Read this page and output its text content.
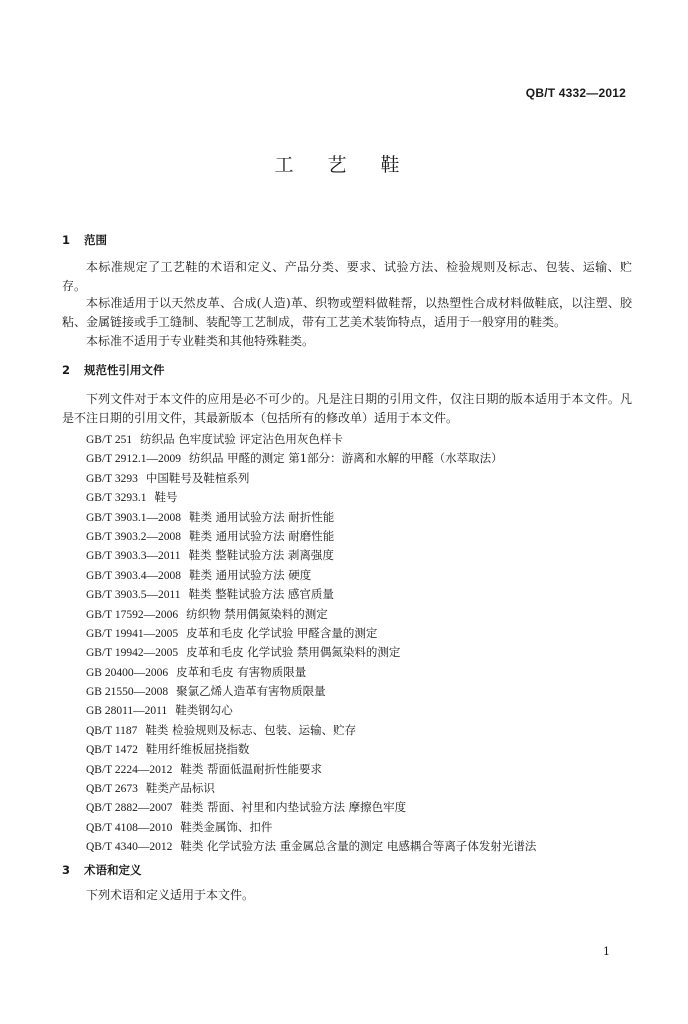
QB/T 4332—2012
工 艺 鞋
1 范围
本标准规定了工艺鞋的术语和定义、产品分类、要求、试验方法、检验规则及标志、包装、运输、贮存。
本标准适用于以天然皮革、合成(人造)革、织物或塑料做鞋帮，以热塑性合成材料做鞋底，以注塑、胶粘、金属链接或手工缝制、装配等工艺制成，带有工艺美术装饰特点，适用于一般穿用的鞋类。
本标准不适用于专业鞋类和其他特殊鞋类。
2 规范性引用文件
下列文件对于本文件的应用是必不可少的。凡是注日期的引用文件，仅注日期的版本适用于本文件。凡是不注日期的引用文件，其最新版本（包括所有的修改单）适用于本文件。
GB/T 251 纺织品 色牢度试验 评定沾色用灰色样卡
GB/T 2912.1—2009 纺织品 甲醛的测定 第1部分：游离和水解的甲醛（水萃取法）
GB/T 3293 中国鞋号及鞋楦系列
GB/T 3293.1 鞋号
GB/T 3903.1—2008 鞋类 通用试验方法 耐折性能
GB/T 3903.2—2008 鞋类 通用试验方法 耐磨性能
GB/T 3903.3—2011 鞋类 整鞋试验方法 剥离强度
GB/T 3903.4—2008 鞋类 通用试验方法 硬度
GB/T 3903.5—2011 鞋类 整鞋试验方法 感官质量
GB/T 17592—2006 纺织物 禁用偶氮染料的测定
GB/T 19941—2005 皮革和毛皮 化学试验 甲醛含量的测定
GB/T 19942—2005 皮革和毛皮 化学试验 禁用偶氮染料的测定
GB 20400—2006 皮革和毛皮 有害物质限量
GB 21550—2008 聚氯乙烯人造革有害物质限量
GB 28011—2011 鞋类钢勾心
QB/T 1187 鞋类 检验规则及标志、包装、运输、贮存
QB/T 1472 鞋用纤维板屈挠指数
QB/T 2224—2012 鞋类 帮面低温耐折性能要求
QB/T 2673 鞋类产品标识
QB/T 2882—2007 鞋类 帮面、衬里和内垫试验方法 摩擦色牢度
QB/T 4108—2010 鞋类金属饰、扣件
QB/T 4340—2012 鞋类 化学试验方法 重金属总含量的测定 电感耦合等离子体发射光谱法
3 术语和定义
下列术语和定义适用于本文件。
1
